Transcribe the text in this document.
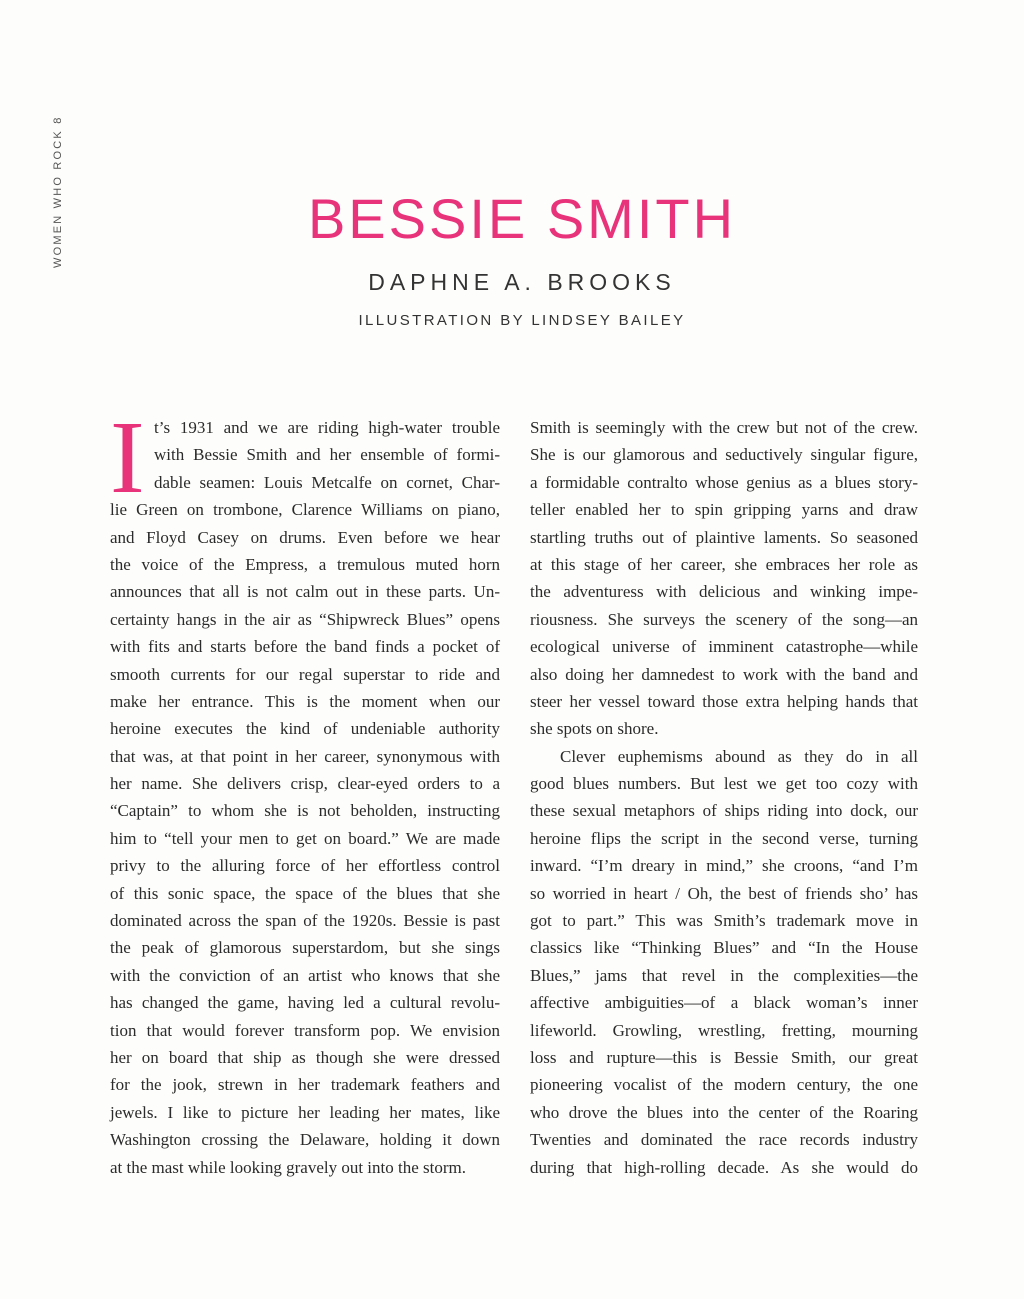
WOMEN WHO ROCK 8	BESSIE SMITH
DAPHNE A. BROOKS
ILLUSTRATION BY LINDSEY BAILEY
I t’s 1931 and we are riding high-water trouble
with Bessie Smith and her ensemble of formi-
dable seamen: Louis Metcalfe on cornet, Char-
lie Green on trombone, Clarence Williams on piano,
and Floyd Casey on drums. Even before we hear
the voice of the Empress, a tremulous muted horn
announces that all is not calm out in these parts. Un-
certainty hangs in the air as “Shipwreck Blues” opens
with fits and starts before the band finds a pocket of
smooth currents for our regal superstar to ride and
make her entrance. This is the moment when our
heroine executes the kind of undeniable authority
that was, at that point in her career, synonymous with
her name. She delivers crisp, clear-eyed orders to a
“Captain” to whom she is not beholden, instructing
him to “tell your men to get on board.” We are made
privy to the alluring force of her effortless control
of this sonic space, the space of the blues that she
dominated across the span of the 1920s. Bessie is past
the peak of glamorous superstardom, but she sings
with the conviction of an artist who knows that she
has changed the game, having led a cultural revolu-
tion that would forever transform pop. We envision
her on board that ship as though she were dressed
for the jook, strewn in her trademark feathers and
jewels. I like to picture her leading her mates, like
Washington crossing the Delaware, holding it down
at the mast while looking gravely out into the storm.
Smith is seemingly with the crew but not of the crew.
She is our glamorous and seductively singular figure,
a formidable contralto whose genius as a blues story-
teller enabled her to spin gripping yarns and draw
startling truths out of plaintive laments. So seasoned
at this stage of her career, she embraces her role as
the adventuress with delicious and winking impe-
riousness. She surveys the scenery of the song—an
ecological universe of imminent catastrophe—while
also doing her damnedest to work with the band and
steer her vessel toward those extra helping hands that
she spots on shore.
Clever euphemisms abound as they do in all
good blues numbers. But lest we get too cozy with
these sexual metaphors of ships riding into dock, our
heroine flips the script in the second verse, turning
inward. “I’m dreary in mind,” she croons, “and I’m
so worried in heart / Oh, the best of friends sho’ has
got to part.” This was Smith’s trademark move in
classics like “Thinking Blues” and “In the House
Blues,” jams that revel in the complexities—the
affective ambiguities—of a black woman’s inner
lifeworld. Growling, wrestling, fretting, mourning
loss and rupture—this is Bessie Smith, our great
pioneering vocalist of the modern century, the one
who drove the blues into the center of the Roaring
Twenties and dominated the race records industry
during that high-rolling decade. As she would do
